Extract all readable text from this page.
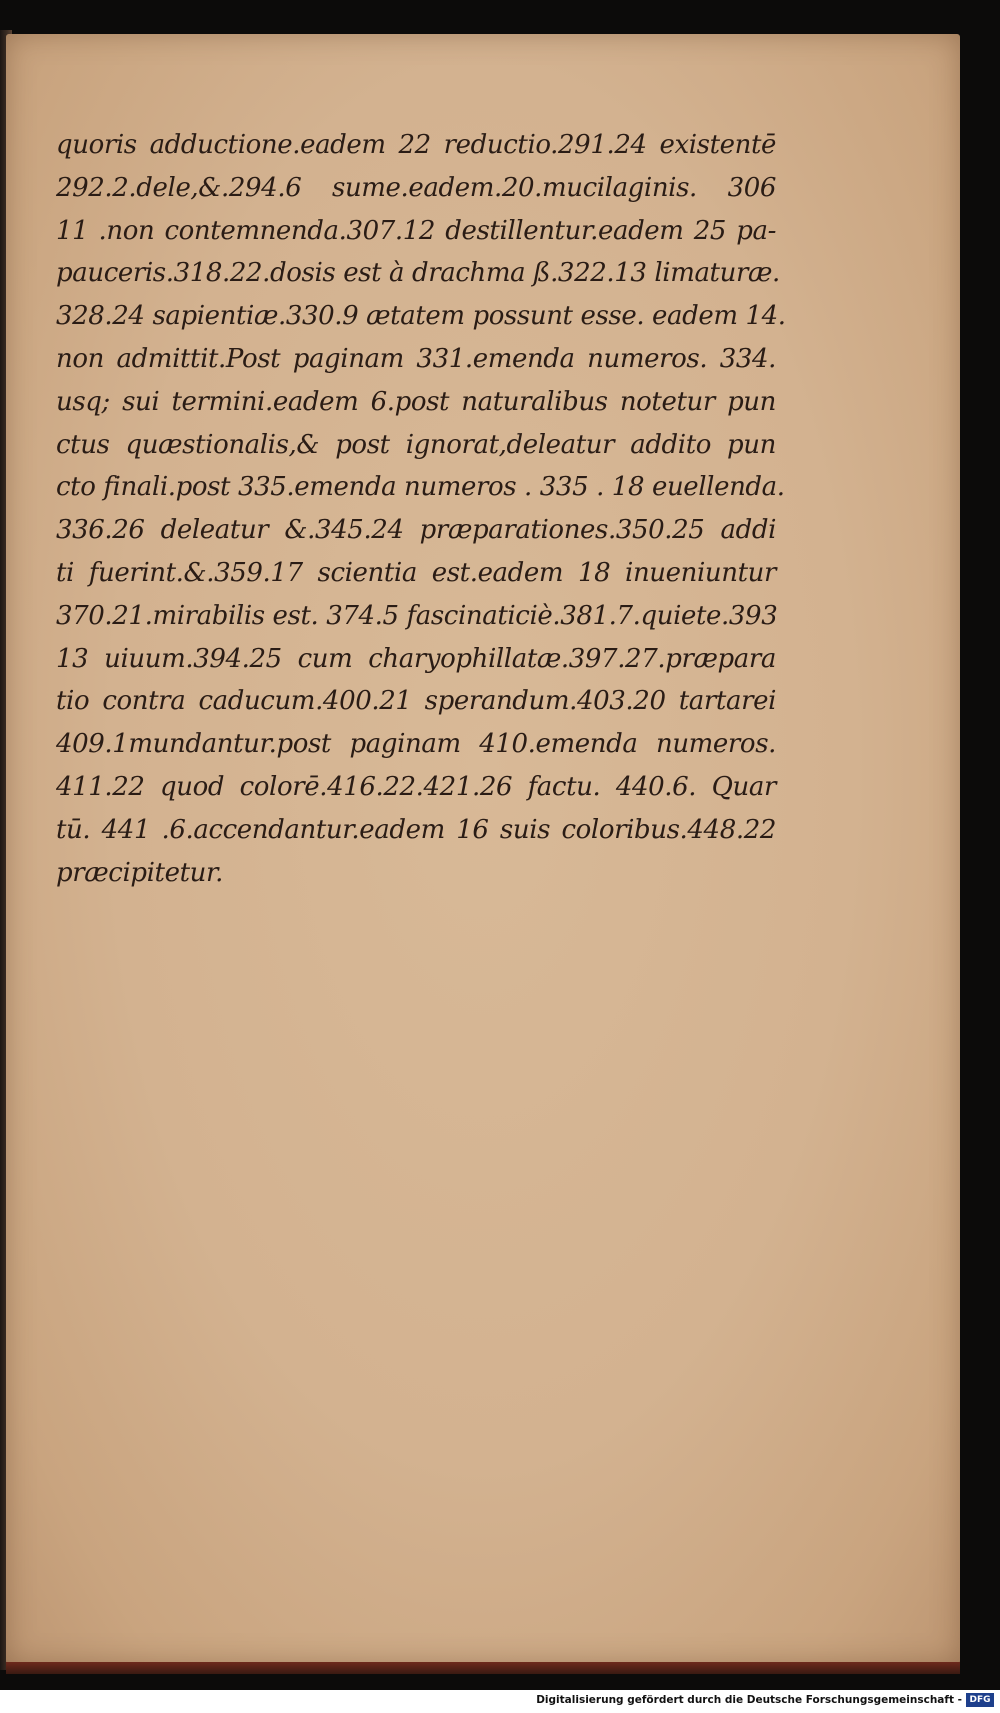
quoris adductione.eadem 22 reductio.291.24 existentē
292.2.dele,&.294.6 sume.eadem.20.mucilaginis. 306
11 .non contemnenda.307.12 destillentur.eadem 25 pa-
pauceris.318.22.dosis est à drachma ß.322.13 limaturæ.
328.24 sapientiæ.330.9 ætatem possunt esse. eadem 14.
non admittit.Post paginam 331.emenda numeros. 334.
usq; sui termini.eadem 6.post naturalibus notetur pun
ctus quæstionalis,& post ignorat,deleatur addito pun
cto finali.post 335.emenda numeros . 335 . 18 euellenda.
336.26 deleatur &.345.24 præparationes.350.25 addi
ti fuerint.&.359.17 scientia est.eadem 18 inueniuntur
370.21.mirabilis est. 374.5 fascinaticiè.381.7.quiete.393
13 uiuum.394.25 cum charyophillatæ.397.27.præpara
tio contra caducum.400.21 sperandum.403.20 tartarei
409.1mundantur.post paginam 410.emenda numeros.
411.22 quod colorē.416.22.421.26 factu. 440.6. Quar
tū. 441 .6.accendantur.eadem 16 suis coloribus.448.22
præcipitetur.
Digitalisierung gefördert durch die Deutsche Forschungsgemeinschaft - DFG
